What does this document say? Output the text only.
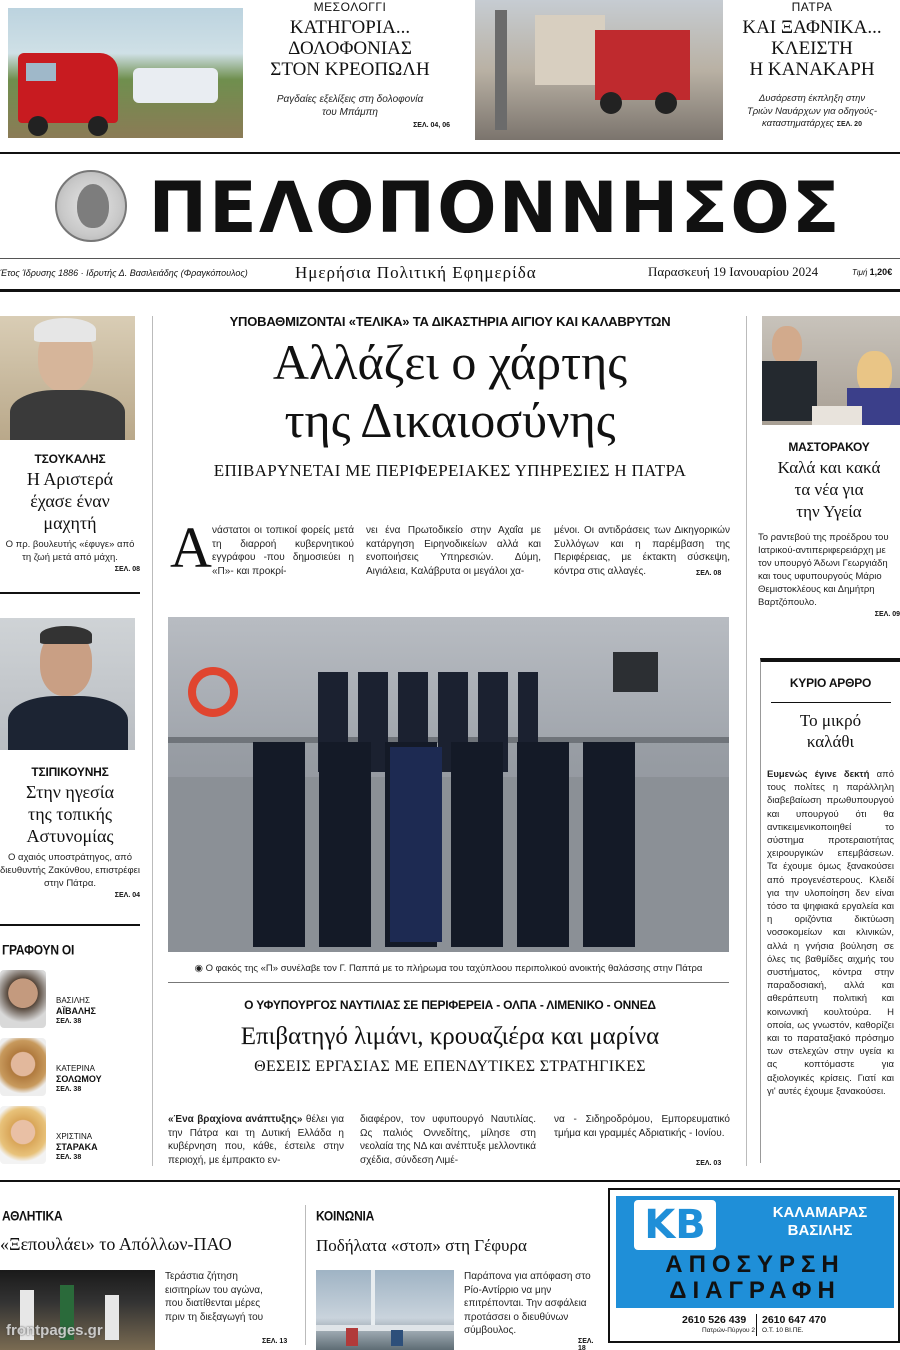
ΜΕΣΟΛΟΓΓΙ
ΚΑΤΗΓΟΡΙΑ...
ΔΟΛΟΦΟΝΙΑΣ
ΣΤΟΝ ΚΡΕΟΠΩΛΗ
Ραγδαίες εξελίξεις στη δολοφονία
του Μπάμπη
ΣΕΛ. 04, 06
ΠΑΤΡΑ
ΚΑΙ ΞΑΦΝΙΚΑ...
ΚΛΕΙΣΤΗ
Η ΚΑΝΑΚΑΡΗ
Δυσάρεστη έκπληξη στην
Τριών Ναυάρχων για οδηγούς-
καταστηματάρχες ΣΕΛ. 20
ΠΕΛΟΠΟΝΝΗΣΟΣ
Έτος Ίδρυσης 1886 · Ιδρυτής Δ. Βασιλειάδης (Φραγκόπουλος)	Ημερήσια Πολιτική Εφημερίδα	Παρασκευή 19 Ιανουαρίου 2024	Τιμή 1,20€
ΤΣΟΥΚΑΛΗΣ
Η Αριστερά
έχασε έναν
μαχητή
Ο πρ. βουλευτής «έφυγε» από τη ζωή μετά από μάχη.
ΣΕΛ. 08
ΤΣΙΠΙΚΟΥΝΗΣ
Στην ηγεσία
της τοπικής
Αστυνομίας
Ο αχαιός υποστράτηγος, από διευθυντής Ζακύνθου, επιστρέφει στην Πάτρα.
ΣΕΛ. 04
ΓΡΑΦΟΥΝ ΟΙ
ΒΑΣΙΛΗΣ
ΑΪΒΑΛΗΣ
ΣΕΛ. 38
ΚΑΤΕΡΙΝΑ
ΣΟΛΩΜΟΥ
ΣΕΛ. 38
ΧΡΙΣΤΙΝΑ
ΣΤΑΡΑΚΑ
ΣΕΛ. 38
ΥΠΟΒΑΘΜΙΖΟΝΤΑΙ «ΤΕΛΙΚΑ» ΤΑ ΔΙΚΑΣΤΗΡΙΑ ΑΙΓΙΟΥ ΚΑΙ ΚΑΛΑΒΡΥΤΩΝ
Αλλάζει ο χάρτης
της Δικαιοσύνης
ΕΠΙΒΑΡΥΝΕΤΑΙ ΜΕ ΠΕΡΙΦΕΡΕΙΑΚΕΣ ΥΠΗΡΕΣΙΕΣ Η ΠΑΤΡΑ
Α νάστατοι οι τοπικοί φορείς μετά τη διαρροή κυβερνητικού εγγράφου -που δημοσιεύει η «Π»- και προκρί-
νει ένα Πρωτοδικείο στην Αχαΐα με κατάργηση Ειρηνοδικείων αλλά και ενοποιήσεις Υπηρεσιών. Δύμη, Αιγιάλεια, Καλάβρυτα οι μεγάλοι χα-
μένοι. Οι αντιδράσεις των Δικηγορικών Συλλόγων και η παρέμβαση της Περιφέρειας, με έκτακτη σύσκεψη, κόντρα στις αλλαγές.	ΣΕΛ. 08
◉ Ο φακός της «Π» συνέλαβε τον Γ. Παππά με το πλήρωμα του ταχύπλοου περιπολικού ανοικτής θαλάσσης στην Πάτρα
Ο ΥΦΥΠΟΥΡΓΟΣ ΝΑΥΤΙΛΙΑΣ ΣΕ ΠΕΡΙΦΕΡΕΙΑ - ΟΛΠΑ - ΛΙΜΕΝΙΚΟ - ΟΝΝΕΔ
Επιβατηγό λιμάνι, κρουαζιέρα και μαρίνα
ΘΕΣΕΙΣ ΕΡΓΑΣΙΑΣ ΜΕ ΕΠΕΝΔΥΤΙΚΕΣ ΣΤΡΑΤΗΓΙΚΕΣ
«Ένα βραχίονα ανάπτυξης» θέλει για την Πάτρα και τη Δυτική Ελλάδα η κυβέρνηση που, κάθε, έστειλε στην περιοχή, με έμπρακτο εν-
διαφέρον, τον υφυπουργό Ναυτιλίας. Ως παλιός Οννεδίτης, μίλησε στη νεολαία της ΝΔ και ανέπτυξε μελλοντικά σχέδια, σύνδεση Λιμέ-
να - Σιδηροδρόμου, Εμπορευματικό τμήμα και γραμμές Αδριατικής - Ιονίου.
ΣΕΛ. 03
ΜΑΣΤΟΡΑΚΟΥ
Καλά και κακά
τα νέα για
την Υγεία
Το ραντεβού της προέδρου του Ιατρικού-αντιπεριφερειάρχη με τον υπουργό Άδωνι Γεωργιάδη και τους υφυπουργούς Μάριο Θεμιστοκλέους και Δημήτρη Βαρτζόπουλο.
ΣΕΛ. 09
ΚΥΡΙΟ ΑΡΘΡΟ
Το μικρό
καλάθι
Ευμενώς έγινε δεκτή από τους πολίτες η παράλληλη διαβεβαίωση πρωθυπουργού και υπουργού ότι θα αντικειμενικοποιηθεί το σύστημα προτεραιοτήτας χειρουργικών επεμβάσεων. Τα έχουμε όμως ξανακούσει από προγενέστερους. Κλειδί για την υλοποίηση δεν είναι τόσο τα ψηφιακά εργαλεία και η οριζόντια δικτύωση νοσοκομείων και κλινικών, αλλά η γνήσια βούληση σε όλες τις βαθμίδες αιχμής του συστήματος, κόντρα στην παραδοσιακή, αλλά και αθεράπευτη πολιτική και κοινωνική κουλτούρα. Η οποία, ως γνωστόν, καθορίζει και το παραταξιακό πρόσημο των στελεχών στην υγεία κι ας κοπτόμαστε για αξιολογικές κρίσεις. Γιατί και γι' αυτές έχουμε ξανακούσει.
ΑΘΛΗΤΙΚΑ
«Ξεπουλάει» το Απόλλων-ΠΑΟ
Τεράστια ζήτηση εισιτηρίων του αγώνα, που διατίθενται μέρες πριν τη διεξαγωγή του
ΣΕΛ. 13
ΚΟΙΝΩΝΙΑ
Ποδήλατα «στοπ» στη Γέφυρα
Παράπονα για απόφαση στο Ρίο-Αντίρριο να μην επιτρέπονται. Την ασφάλεια προτάσσει ο διευθύνων σύμβουλος.
ΣΕΛ. 18
KB	ΚΑΛΑΜΑΡΑΣ
ΒΑΣΙΛΗΣ
ΑΠΟΣΥΡΣΗ
ΔΙΑΓΡΑΦΗ
2610 526 439
Πατρών-Πύργου 2
2610 647 470
Ο.Τ. 10 ΒΙ.ΠΕ.
frontpages.gr
